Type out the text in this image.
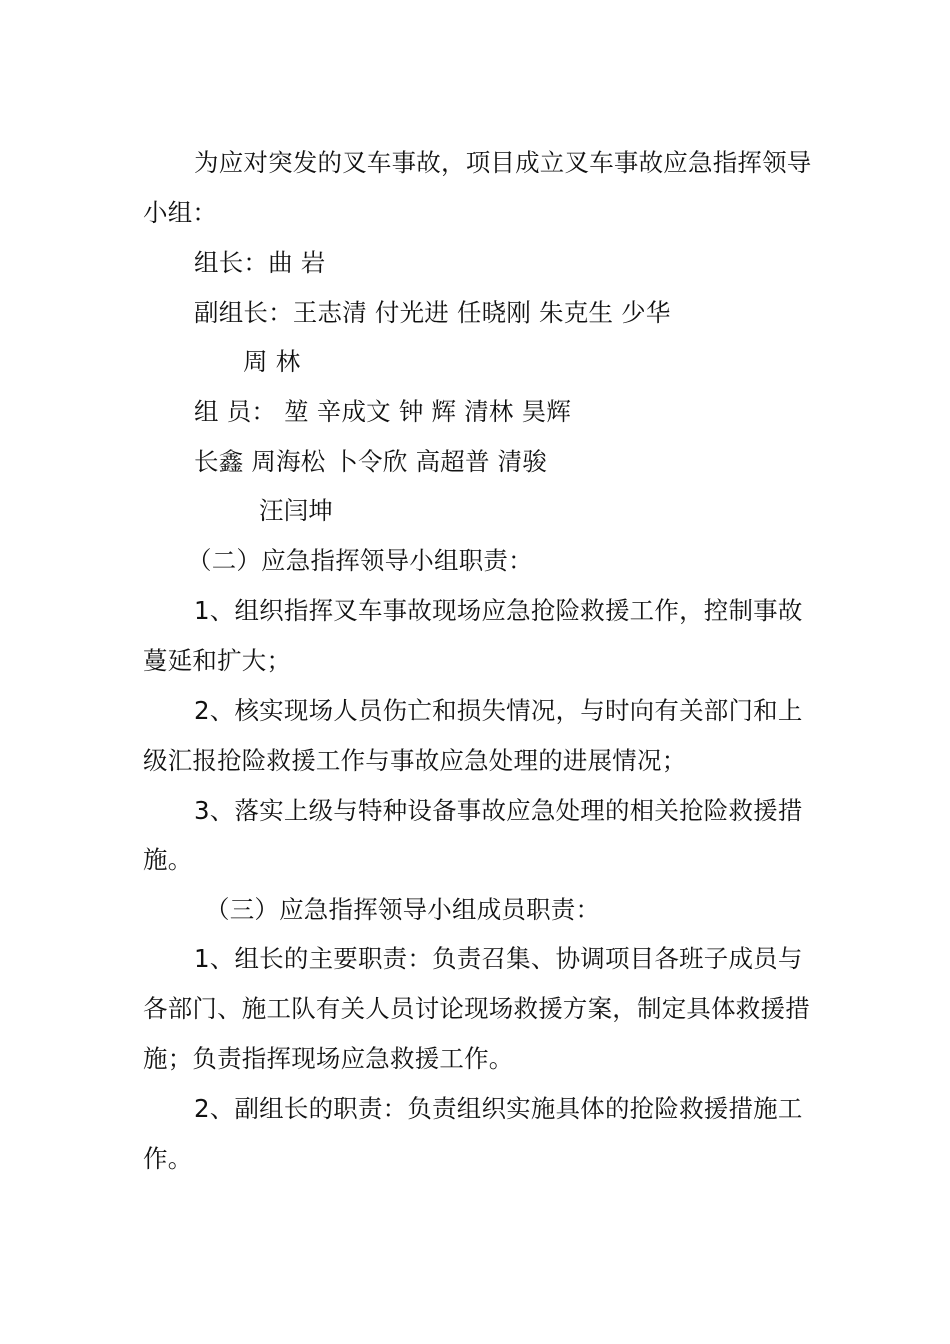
为应对突发的叉车事故，项目成立叉车事故应急指挥领导
小组：
组长：曲 岩
副组长：王志清 付光进 任晓刚 朱克生 少华
周 林
组 员： 堃 辛成文 钟 辉 清林 昊辉
长鑫 周海松 卜令欣 高超普 清骏
汪闫坤
（二）应急指挥领导小组职责：
1、组织指挥叉车事故现场应急抢险救援工作，控制事故
蔓延和扩大；
2、核实现场人员伤亡和损失情况，与时向有关部门和上
级汇报抢险救援工作与事故应急处理的进展情况；
3、落实上级与特种设备事故应急处理的相关抢险救援措
施。
（三）应急指挥领导小组成员职责：
1、组长的主要职责：负责召集、协调项目各班子成员与
各部门、施工队有关人员讨论现场救援方案，制定具体救援措
施；负责指挥现场应急救援工作。
2、副组长的职责：负责组织实施具体的抢险救援措施工
作。
